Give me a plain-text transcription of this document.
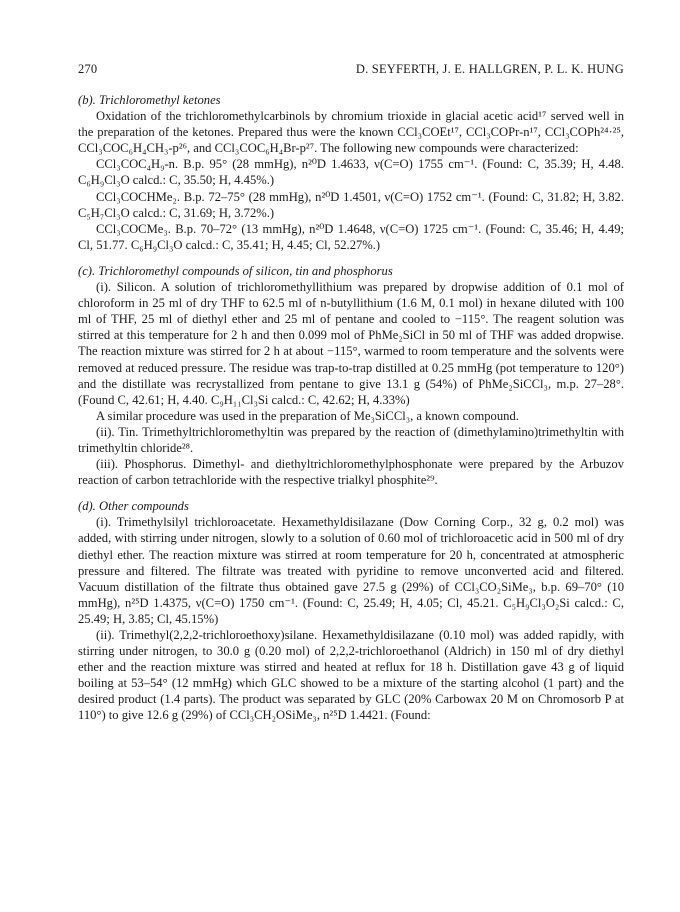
270	D. SEYFERTH, J. E. HALLGREN, P. L. K. HUNG
(b). Trichloromethyl ketones

Oxidation of the trichloromethylcarbinols by chromium trioxide in glacial acetic acid¹⁷ served well in the preparation of the ketones. Prepared thus were the known CCl₃COEt¹⁷, CCl₃COPr-n¹⁷, CCl₃COPh²⁴·²⁵, CCl₃COC₆H₄CH₃-p²⁶, and CCl₃COC₆H₄Br-p²⁷. The following new compounds were characterized:

CCl₃COC₄H₉-n. B.p. 95° (28 mmHg), n²⁰D 1.4633, ν(C=O) 1755 cm⁻¹. (Found: C, 35.39; H, 4.48. C₆H₉Cl₃O calcd.: C, 35.50; H, 4.45%.)

CCl₃COCHMe₂. B.p. 72–75° (28 mmHg), n²⁰D 1.4501, ν(C=O) 1752 cm⁻¹. (Found: C, 31.82; H, 3.82. C₅H₇Cl₃O calcd.: C, 31.69; H, 3.72%.)

CCl₃COCMe₃. B.p. 70–72° (13 mmHg), n²⁰D 1.4648, ν(C=O) 1725 cm⁻¹. (Found: C, 35.46; H, 4.49; Cl, 51.77. C₆H₉Cl₃O calcd.: C, 35.41; H, 4.45; Cl, 52.27%.)

(c). Trichloromethyl compounds of silicon, tin and phosphorus

(i). Silicon. A solution of trichloromethyllithium was prepared by dropwise addition of 0.1 mol of chloroform in 25 ml of dry THF to 62.5 ml of n-butyllithium (1.6 M, 0.1 mol) in hexane diluted with 100 ml of THF, 25 ml of diethyl ether and 25 ml of pentane and cooled to −115°. The reagent solution was stirred at this temperature for 2 h and then 0.099 mol of PhMe₂SiCl in 50 ml of THF was added dropwise. The reaction mixture was stirred for 2 h at about −115°, warmed to room temperature and the solvents were removed at reduced pressure. The residue was trap-to-trap distilled at 0.25 mmHg (pot temperature to 120°) and the distillate was recrystallized from pentane to give 13.1 g (54%) of PhMe₂SiCCl₃, m.p. 27–28°. (Found C, 42.61; H, 4.40. C₉H₁₁Cl₃Si calcd.: C, 42.62; H, 4.33%)

A similar procedure was used in the preparation of Me₃SiCCl₃, a known compound.

(ii). Tin. Trimethyltrichloromethyltin was prepared by the reaction of (dimethylamino)trimethyltin with trimethyltin chloride²⁸.

(iii). Phosphorus. Dimethyl- and diethyltrichloromethylphosphonate were prepared by the Arbuzov reaction of carbon tetrachloride with the respective trialkyl phosphite²⁹.

(d). Other compounds

(i). Trimethylsilyl trichloroacetate. Hexamethyldisilazane (Dow Corning Corp., 32 g, 0.2 mol) was added, with stirring under nitrogen, slowly to a solution of 0.60 mol of trichloroacetic acid in 500 ml of dry diethyl ether. The reaction mixture was stirred at room temperature for 20 h, concentrated at atmospheric pressure and filtered. The filtrate was treated with pyridine to remove unconverted acid and filtered. Vacuum distillation of the filtrate thus obtained gave 27.5 g (29%) of CCl₃CO₂SiMe₃, b.p. 69–70° (10 mmHg), n²⁵D 1.4375, ν(C=O) 1750 cm⁻¹. (Found: C, 25.49; H, 4.05; Cl, 45.21. C₅H₉Cl₃O₂Si calcd.: C, 25.49; H, 3.85; Cl, 45.15%)

(ii). Trimethyl(2,2,2-trichloroethoxy)silane. Hexamethyldisilazane (0.10 mol) was added rapidly, with stirring under nitrogen, to 30.0 g (0.20 mol) of 2,2,2-trichloroethanol (Aldrich) in 150 ml of dry diethyl ether and the reaction mixture was stirred and heated at reflux for 18 h. Distillation gave 43 g of liquid boiling at 53–54° (12 mmHg) which GLC showed to be a mixture of the starting alcohol (1 part) and the desired product (1.4 parts). The product was separated by GLC (20% Carbowax 20 M on Chromosorb P at 110°) to give 12.6 g (29%) of CCl₃CH₂OSiMe₃, n²⁵D 1.4421. (Found:
